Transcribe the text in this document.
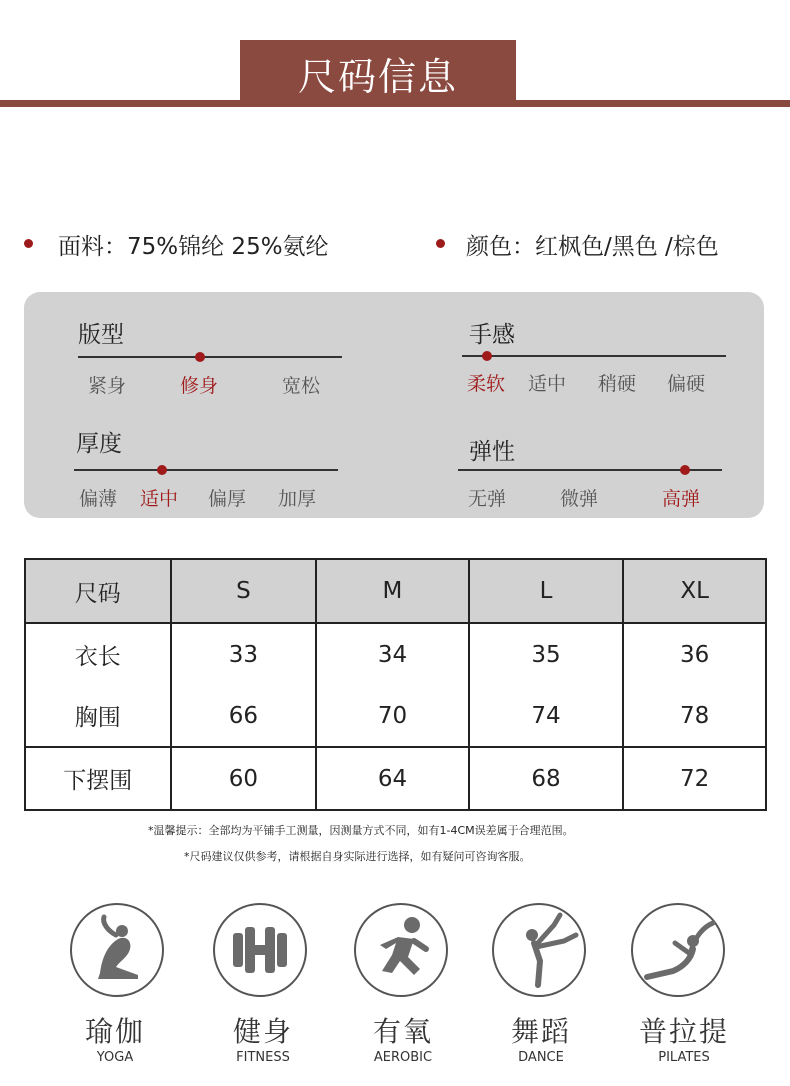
尺码信息
面料：75%锦纶 25%氨纶	颜色：红枫色/黑色 /棕色
版型
紧身	修身	宽松
手感
柔软 适中 稍硬 偏硬
厚度
偏薄 适中 偏厚 加厚
弹性
无弹	微弹	高弹
尺码	S	M	L	XL
衣长	33	34	35	36
胸围	66	70	74	78
下摆围	60	64	68	72
*温馨提示：全部均为平铺手工测量，因测量方式不同，如有1-4CM误差属于合理范围。
*尺码建议仅供参考，请根据自身实际进行选择，如有疑问可咨询客服。
瑜伽
YOGA
健身
FITNESS
有氧
AEROBIC
舞蹈
DANCE
普拉提
PILATES
